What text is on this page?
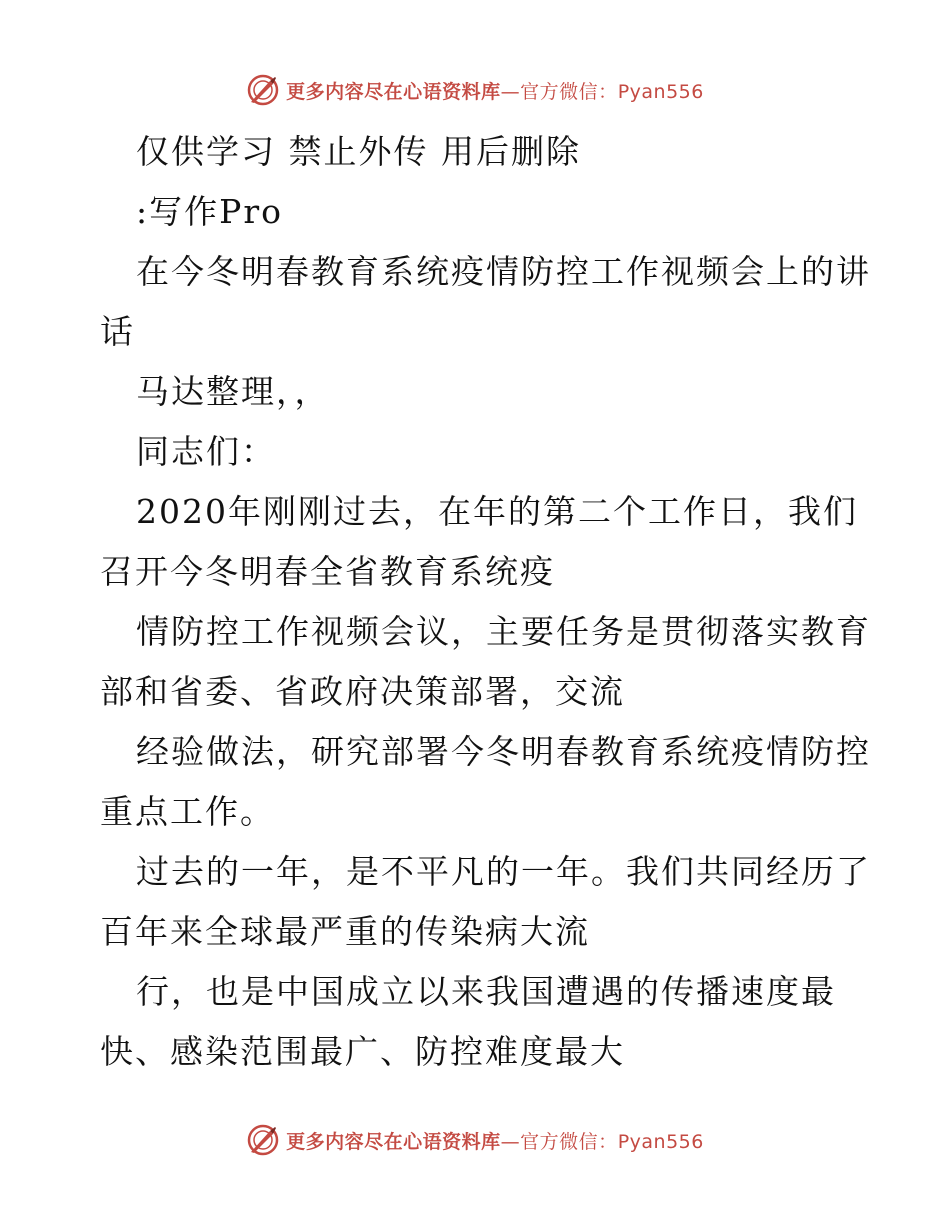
更多内容尽在心语资料库—官方微信：Pyan556
仅供学习 禁止外传 用后删除
:写作Pro
在今冬明春教育系统疫情防控工作视频会上的讲
话
马达整理，，
同志们：
2020年刚刚过去，在年的第二个工作日，我们
召开今冬明春全省教育系统疫
情防控工作视频会议，主要任务是贯彻落实教育
部和省委、省政府决策部署，交流
经验做法，研究部署今冬明春教育系统疫情防控
重点工作。
过去的一年，是不平凡的一年。我们共同经历了
百年来全球最严重的传染病大流
行，也是中国成立以来我国遭遇的传播速度最
快、感染范围最广、防控难度最大
更多内容尽在心语资料库—官方微信：Pyan556
